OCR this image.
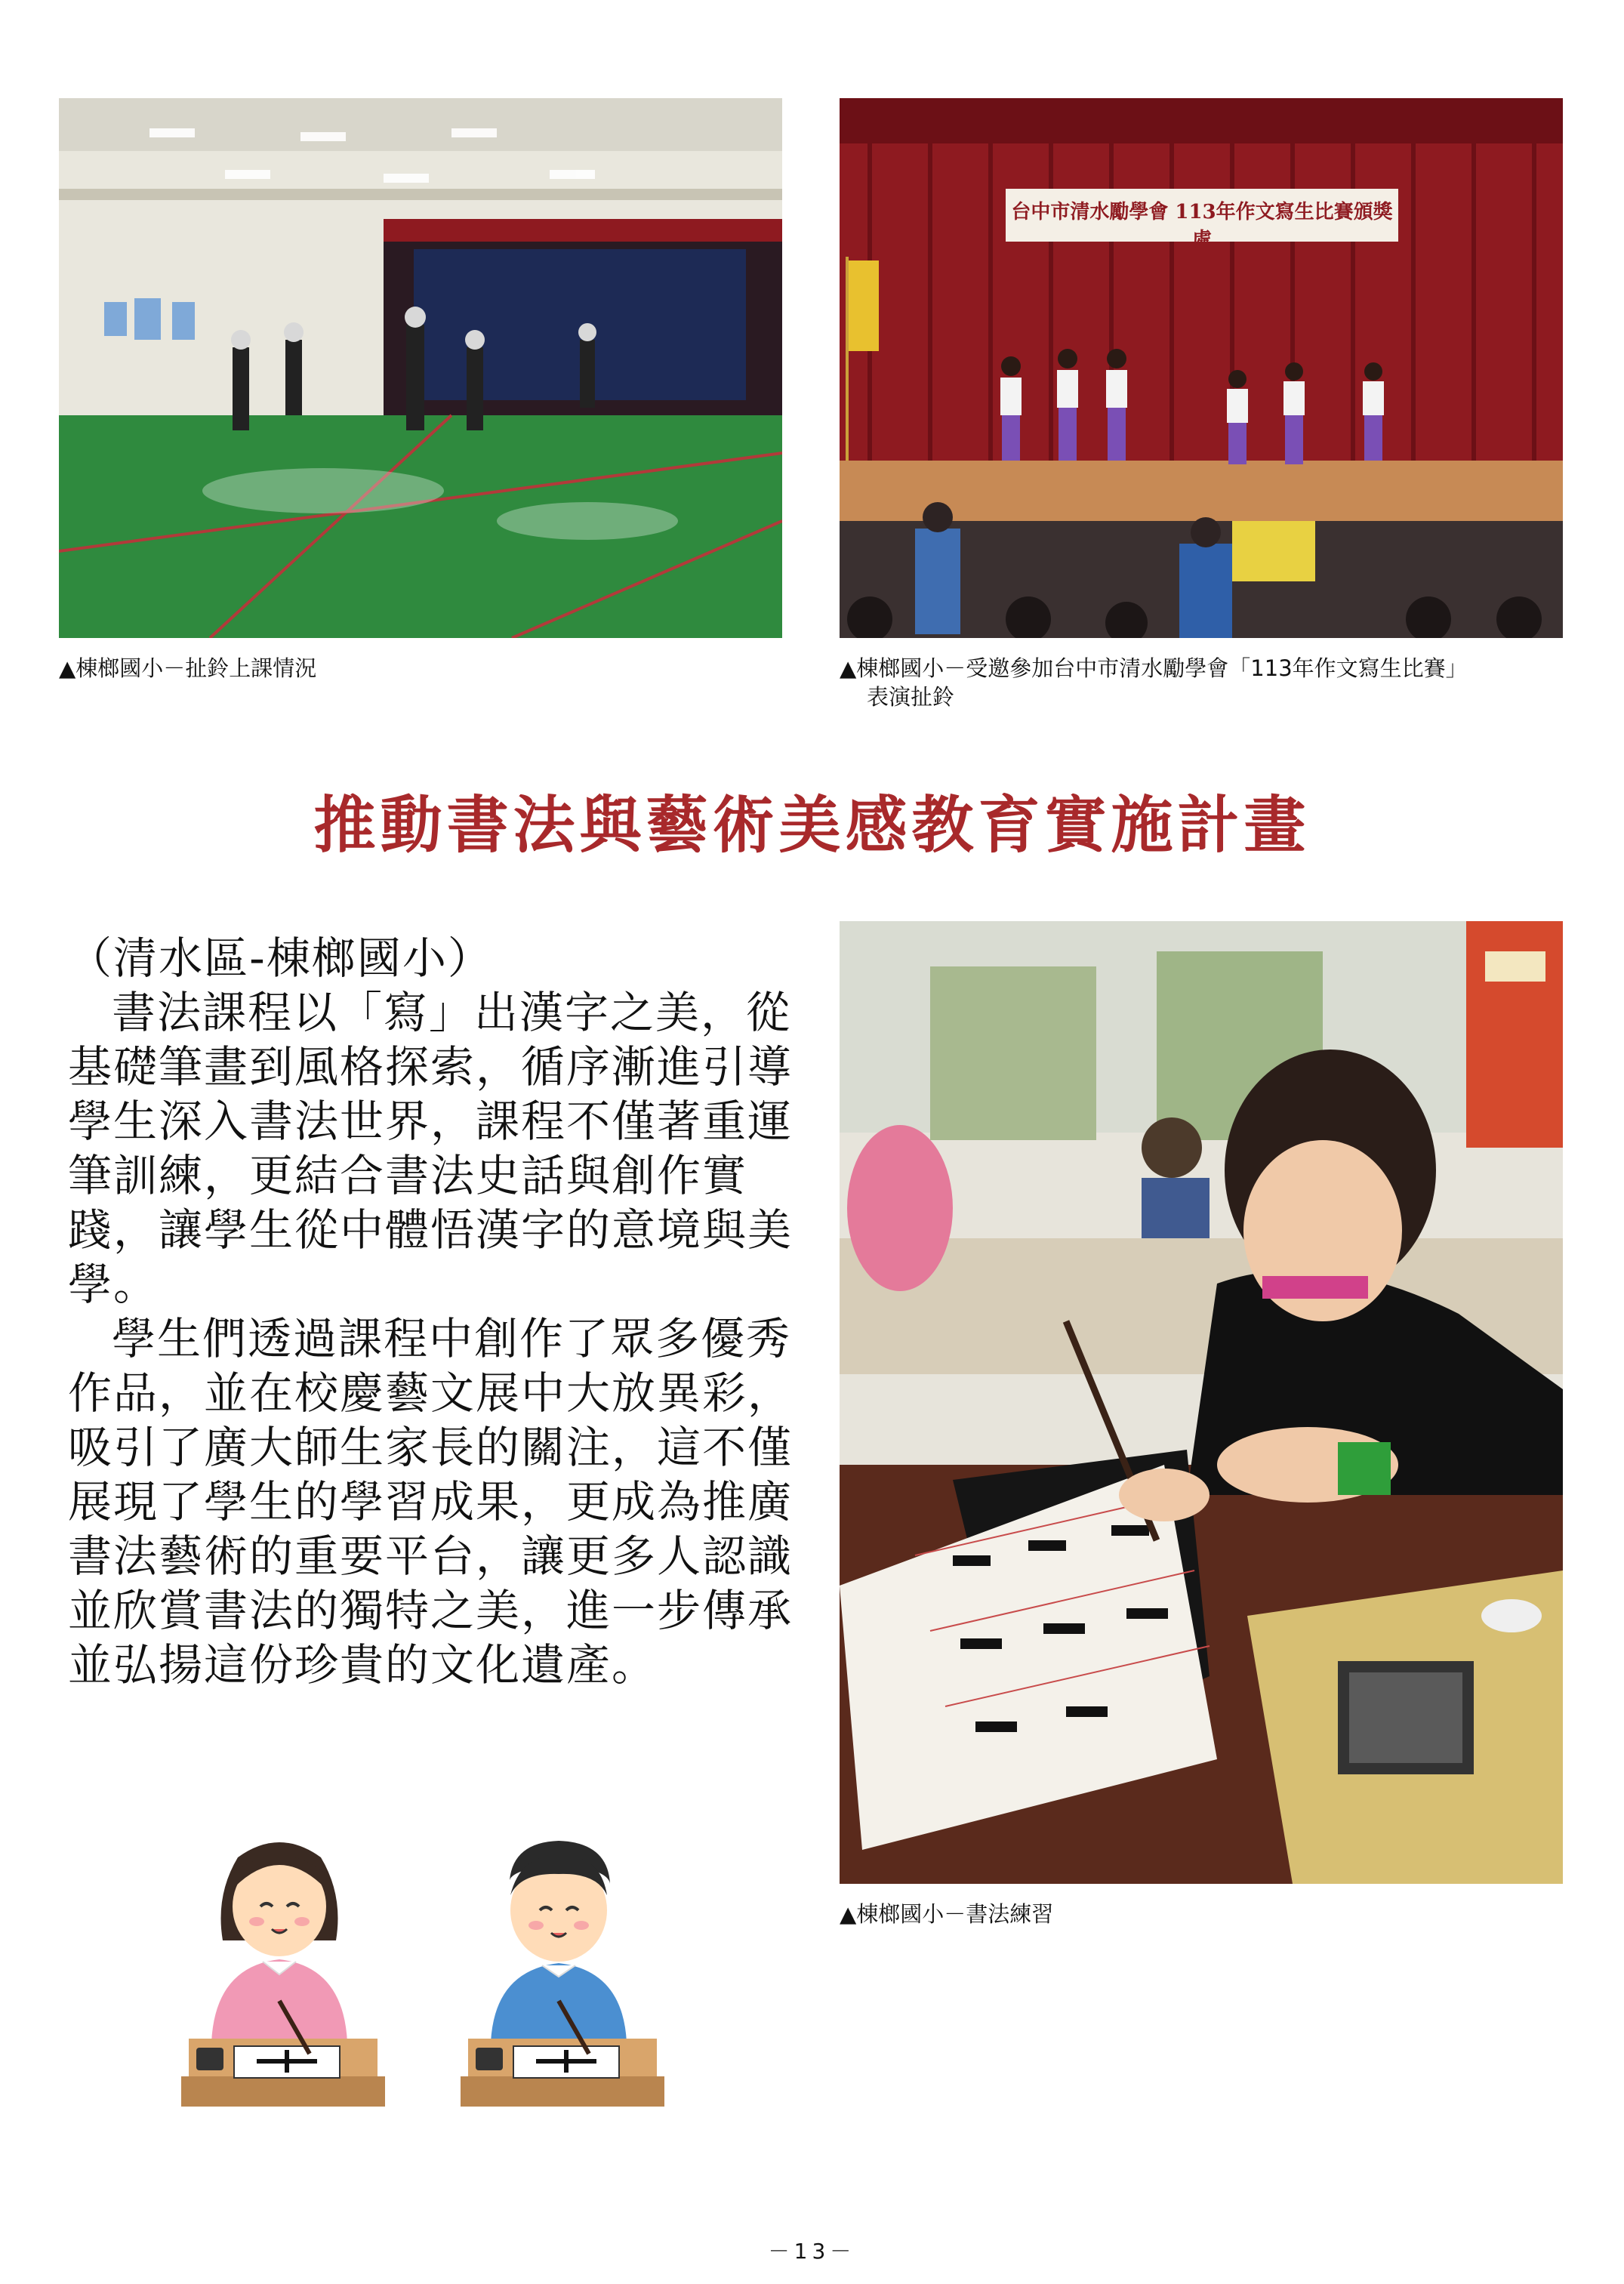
▲棟榔國小－扯鈴上課情況
台中市清水勵學會 113年作文寫生比賽頒獎處
▲棟榔國小－受邀參加台中市清水勵學會「113年作文寫生比賽」
表演扯鈴
推動書法與藝術美感教育實施計畫

（清水區-棟榔國小）

書法課程以「寫」出漢字之美，從基礎筆畫到風格探索，循序漸進引導學生深入書法世界，課程不僅著重運筆訓練，更結合書法史話與創作實踐，讓學生從中體悟漢字的意境與美學。

學生們透過課程中創作了眾多優秀作品，並在校慶藝文展中大放異彩，吸引了廣大師生家長的關注，這不僅展現了學生的學習成果，更成為推廣書法藝術的重要平台，讓更多人認識並欣賞書法的獨特之美，進一步傳承並弘揚這份珍貴的文化遺產。

▲棟榔國小－書法練習
－13－
